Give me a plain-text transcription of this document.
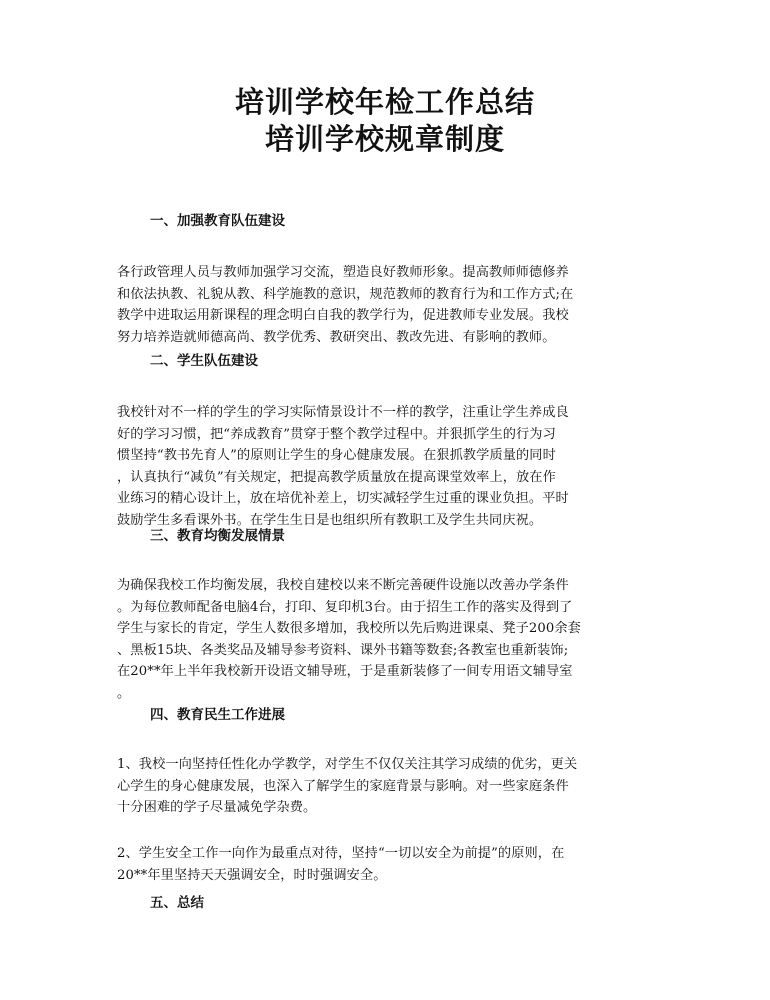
培训学校年检工作总结
培训学校规章制度
一、加强教育队伍建设
各行政管理人员与教师加强学习交流，塑造良好教师形象。提高教师师德修养
和依法执教、礼貌从教、科学施教的意识，规范教师的教育行为和工作方式;在
教学中进取运用新课程的理念明白自我的教学行为，促进教师专业发展。我校
努力培养造就师德高尚、教学优秀、教研突出、教改先进、有影响的教师。
二、学生队伍建设
我校针对不一样的学生的学习实际情景设计不一样的教学，注重让学生养成良
好的学习习惯，把“养成教育”贯穿于整个教学过程中。并狠抓学生的行为习
惯坚持“教书先育人”的原则让学生的身心健康发展。在狠抓教学质量的同时
，认真执行“减负”有关规定，把提高教学质量放在提高课堂效率上，放在作
业练习的精心设计上，放在培优补差上，切实减轻学生过重的课业负担。平时
鼓励学生多看课外书。在学生生日是也组织所有教职工及学生共同庆祝。
三、教育均衡发展情景
为确保我校工作均衡发展，我校自建校以来不断完善硬件设施以改善办学条件
。为每位教师配备电脑4台，打印、复印机3台。由于招生工作的落实及得到了
学生与家长的肯定，学生人数很多增加，我校所以先后购进课桌、凳子200余套
、黑板15块、各类奖品及辅导参考资料、课外书籍等数套;各教室也重新装饰;
在20**年上半年我校新开设语文辅导班，于是重新装修了一间专用语文辅导室
。
四、教育民生工作进展
1、我校一向坚持任性化办学教学，对学生不仅仅关注其学习成绩的优劣，更关
心学生的身心健康发展，也深入了解学生的家庭背景与影响。对一些家庭条件
十分困难的学子尽量减免学杂费。
2、学生安全工作一向作为最重点对待，坚持“一切以安全为前提”的原则，在
20**年里坚持天天强调安全，时时强调安全。
五、总结
